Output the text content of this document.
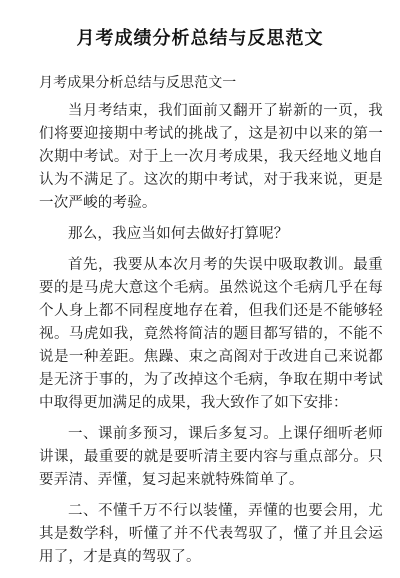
月考成绩分析总结与反思范文

月考成果分析总结与反思范文一

当月考结束，我们面前又翻开了崭新的一页，我们将要迎接期中考试的挑战了，这是初中以来的第一次期中考试。对于上一次月考成果，我天经地义地自认为不满足了。这次的期中考试，对于我来说，更是一次严峻的考验。

那么，我应当如何去做好打算呢？

首先，我要从本次月考的失误中吸取教训。最重要的是马虎大意这个毛病。虽然说这个毛病几乎在每个人身上都不同程度地存在着，但我们还是不能够轻视。马虎如我，竟然将简洁的题目都写错的，不能不说是一种差距。焦躁、束之高阁对于改进自己来说都是无济于事的，为了改掉这个毛病，争取在期中考试中取得更加满足的成果，我大致作了如下安排：

一、课前多预习，课后多复习。上课仔细听老师讲课，最重要的就是要听清主要内容与重点部分。只要弄清、弄懂，复习起来就特殊简单了。

二、不懂千万不行以装懂，弄懂的也要会用，尤其是数学科，听懂了并不代表驾驭了，懂了并且会运用了，才是真的驾驭了。
